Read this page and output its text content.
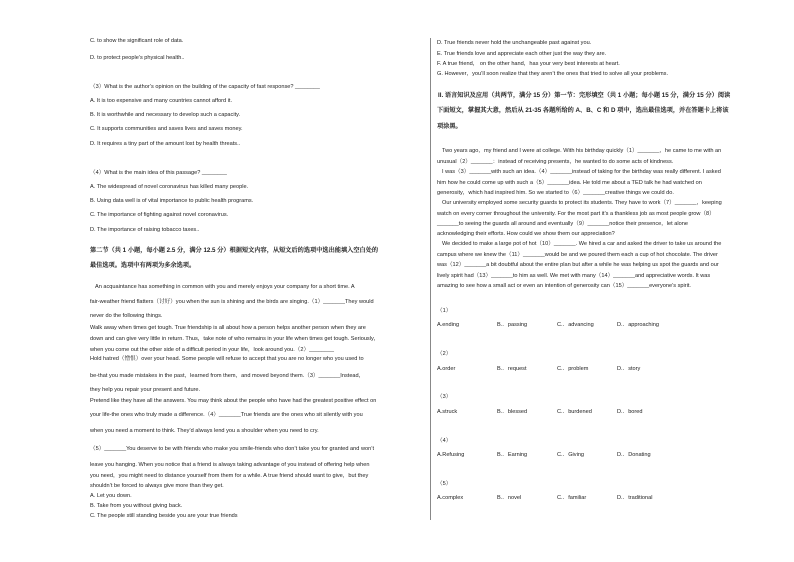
C. to show the significant role of data.
D. to protect people’s physical health..
（3）What is the author’s opinion on the building of the capacity of fast response? ________
A. It is too expensive and many countries cannot afford it.
B. It is worthwhile and necessary to develop such a capacity.
C. It supports communities and saves lives and saves money.
D. It requires a tiny part of the amount lost by health threats..
（4）What is the main idea of this passage? ________
A. The widespread of novel coronavirus has killed many people.
B. Using data well is of vital importance to public health programs.
C. The importance of fighting against novel coronavirus.
D. The importance of raising tobacco taxes..
第二节（共 1 小题，每小题 2.5 分，满分 12.5 分）根据短文内容，从短文后的选项中选出能填入空白处的
最佳选项。选项中有两项为多余选项。
An acquaintance has something in common with you and merely enjoys your company for a short time. A
fair-weather friend flatters（讨好）you when the sun is shining and the birds are singing.（1）_______They would
never do the following things.
Walk away when times get tough. True friendship is all about how a person helps another person when they are
down and can give very little in return. Thus，take note of who remains in your life when times get tough. Seriously，
when you come out the other side of a difficult period in your life，look around you.（2）________
Hold hatred（憎恨）over your head. Some people will refuse to accept that you are no longer who you used to
be-that you made mistakes in the past，learned from them，and moved beyond them.（3）_______Instead，
they help you repair your present and future.
Pretend like they have all the answers. You may think about the people who have had the greatest positive effect on
your life-the ones who truly made a difference.（4）_______True friends are the ones who sit silently with you
when you need a moment to think. They’d always lend you a shoulder when you need to cry.
（5）_______You deserve to be with friends who make you smile-friends who don’t take you for granted and won’t
leave you hanging. When you notice that a friend is always taking advantage of you instead of offering help when
you need，you might need to distance yourself from them for a while. A true friend should want to give，but they
shouldn’t be forced to always give more than they get.
A. Let you down.
B. Take from you without giving back.
C. The people still standing beside you are your true friends
D. True friends never hold the unchangeable past against you.
E. True friends love and appreciate each other just the way they are.
F. A true friend， on the other hand，has your very best interests at heart.
G. However，you’ll soon realize that they aren’t the ones that tried to solve all your problems.
II. 语言知识及应用（共两节，满分 15 分）第一节：完形填空（共 1 小题；每小题 15 分，满分 15 分）阅读
下面短文，掌握其大意，然后从 21-35 各题所给的 A、B、C 和 D 项中，选出最佳选项，并在答题卡上将该
项涂黑。
Two years ago，my friend and I were at college. With his birthday quickly（1）_______，he came to me with an
unusual（2）_______：instead of receiving presents，he wanted to do some acts of kindness.
I was（3）_______with such an idea.（4）_______instead of taking for the birthday was really different. I asked
him how he could come up with such a（5）_______idea. He told me about a TED talk he had watched on
generosity，which had inspired him. So we started to（6）_______creative things we could do.
Our university employed some security guards to protect its students. They have to work（7）_______，keeping
watch on every corner throughout the university. For the most part it’s a thankless job as most people grow（8）
_______to seeing the guards all around and eventually（9）_______notice their presence，let alone
acknowledging their efforts. How could we show them our appreciation?
We decided to make a large pot of hot（10）_______. We hired a car and asked the driver to take us around the
campus where we knew the（11）_______would be and we poured them each a cup of hot chocolate. The driver
was（12）_______a bit doubtful about the entire plan but after a while he was helping us spot the guards and our
lively spirit had（13）_______to him as well. We met with many（14）_______and appreciative words. It was
amazing to see how a small act or even an intention of generosity can（15）_______everyone’s spirit.
（1）
A.ending	B.．passing	C.．advancing	D.．approaching
（2）
A.order	B.．request	C.．problem	D.．story
（3）
A.struck	B.．blessed	C.．burdened	D.．bored
（4）
A.Refusing	B.．Earning	C.．Giving	D.．Donating
（5）
A.complex	B.．novel	C.．familiar	D.．traditional
